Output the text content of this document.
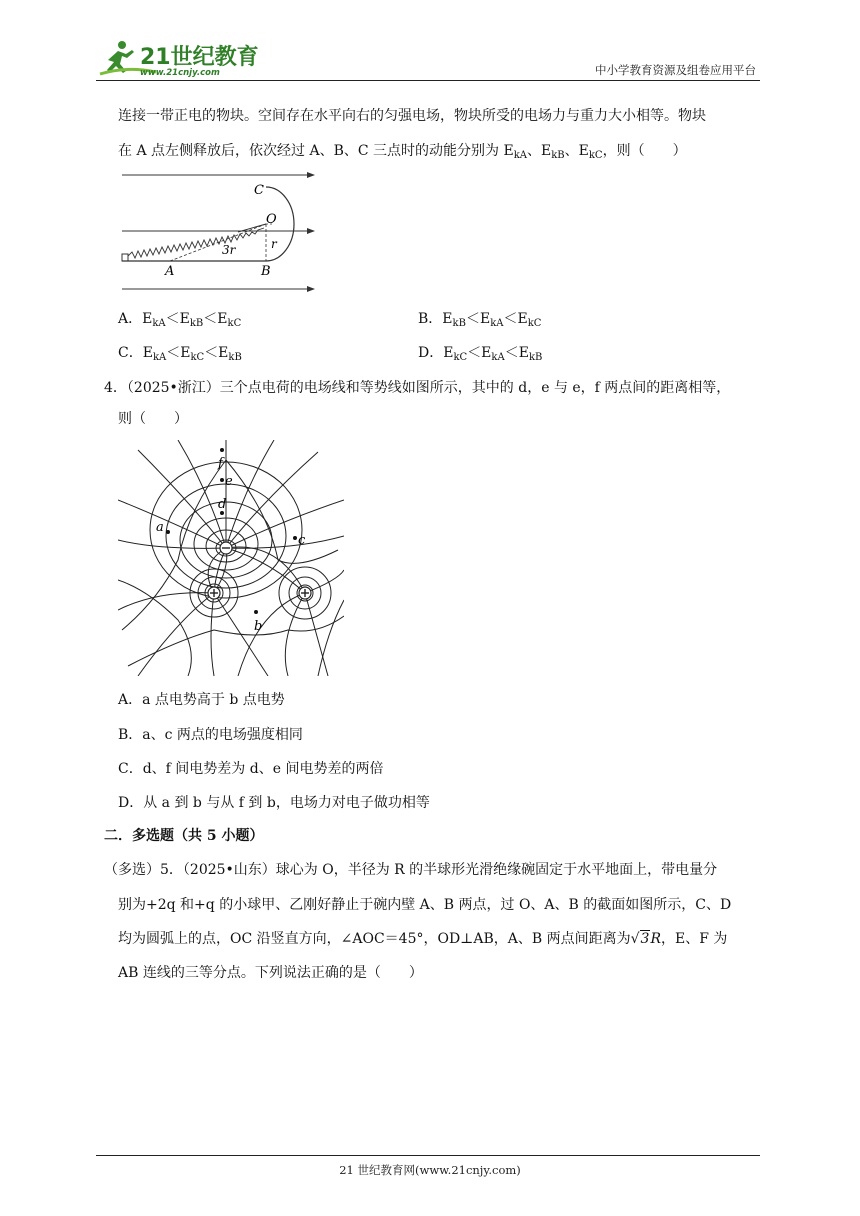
21世纪教育
www.21cnjy.com	中小学教育资源及组卷应用平台
连接一带正电的物块。空间存在水平向右的匀强电场，物块所受的电场力与重力大小相等。物块
在 A 点左侧释放后，依次经过 A、B、C 三点时的动能分别为 $E_{kA}$、$E_{kB}$、$E_{kC}$，则（　　）
C
O
r
3r
A	B
A．$E_{kA}<E_{kB}<E_{kC}$	B．$E_{kB}<E_{kA}<E_{kC}$
C．$E_{kA}<E_{kC}<E_{kB}$	D．$E_{kC}<E_{kA}<E_{kB}$
4．（2025•浙江）三个点电荷的电场线和等势线如图所示，其中的 d，e 与 e，f 两点间的距离相等，
则（　　）
f
e
d
a
c
b
A．a 点电势高于 b 点电势
B．a、c 两点的电场强度相同
C．d、f 间电势差为 d、e 间电势差的两倍
D．从 a 到 b 与从 f 到 b，电场力对电子做功相等
二．多选题（共 5 小题）
（多选）5．（2025•山东）球心为 O，半径为 R 的半球形光滑绝缘碗固定于水平地面上，带电量分
别为+2q 和+q 的小球甲、乙刚好静止于碗内壁 A、B 两点，过 O、A、B 的截面如图所示，C、D
均为圆弧上的点，OC 沿竖直方向，∠AOC＝45°，OD⊥AB，A、B 两点间距离为√3R，E、F 为
AB 连线的三等分点。下列说法正确的是（　　）
21 世纪教育网(www.21cnjy.com)
